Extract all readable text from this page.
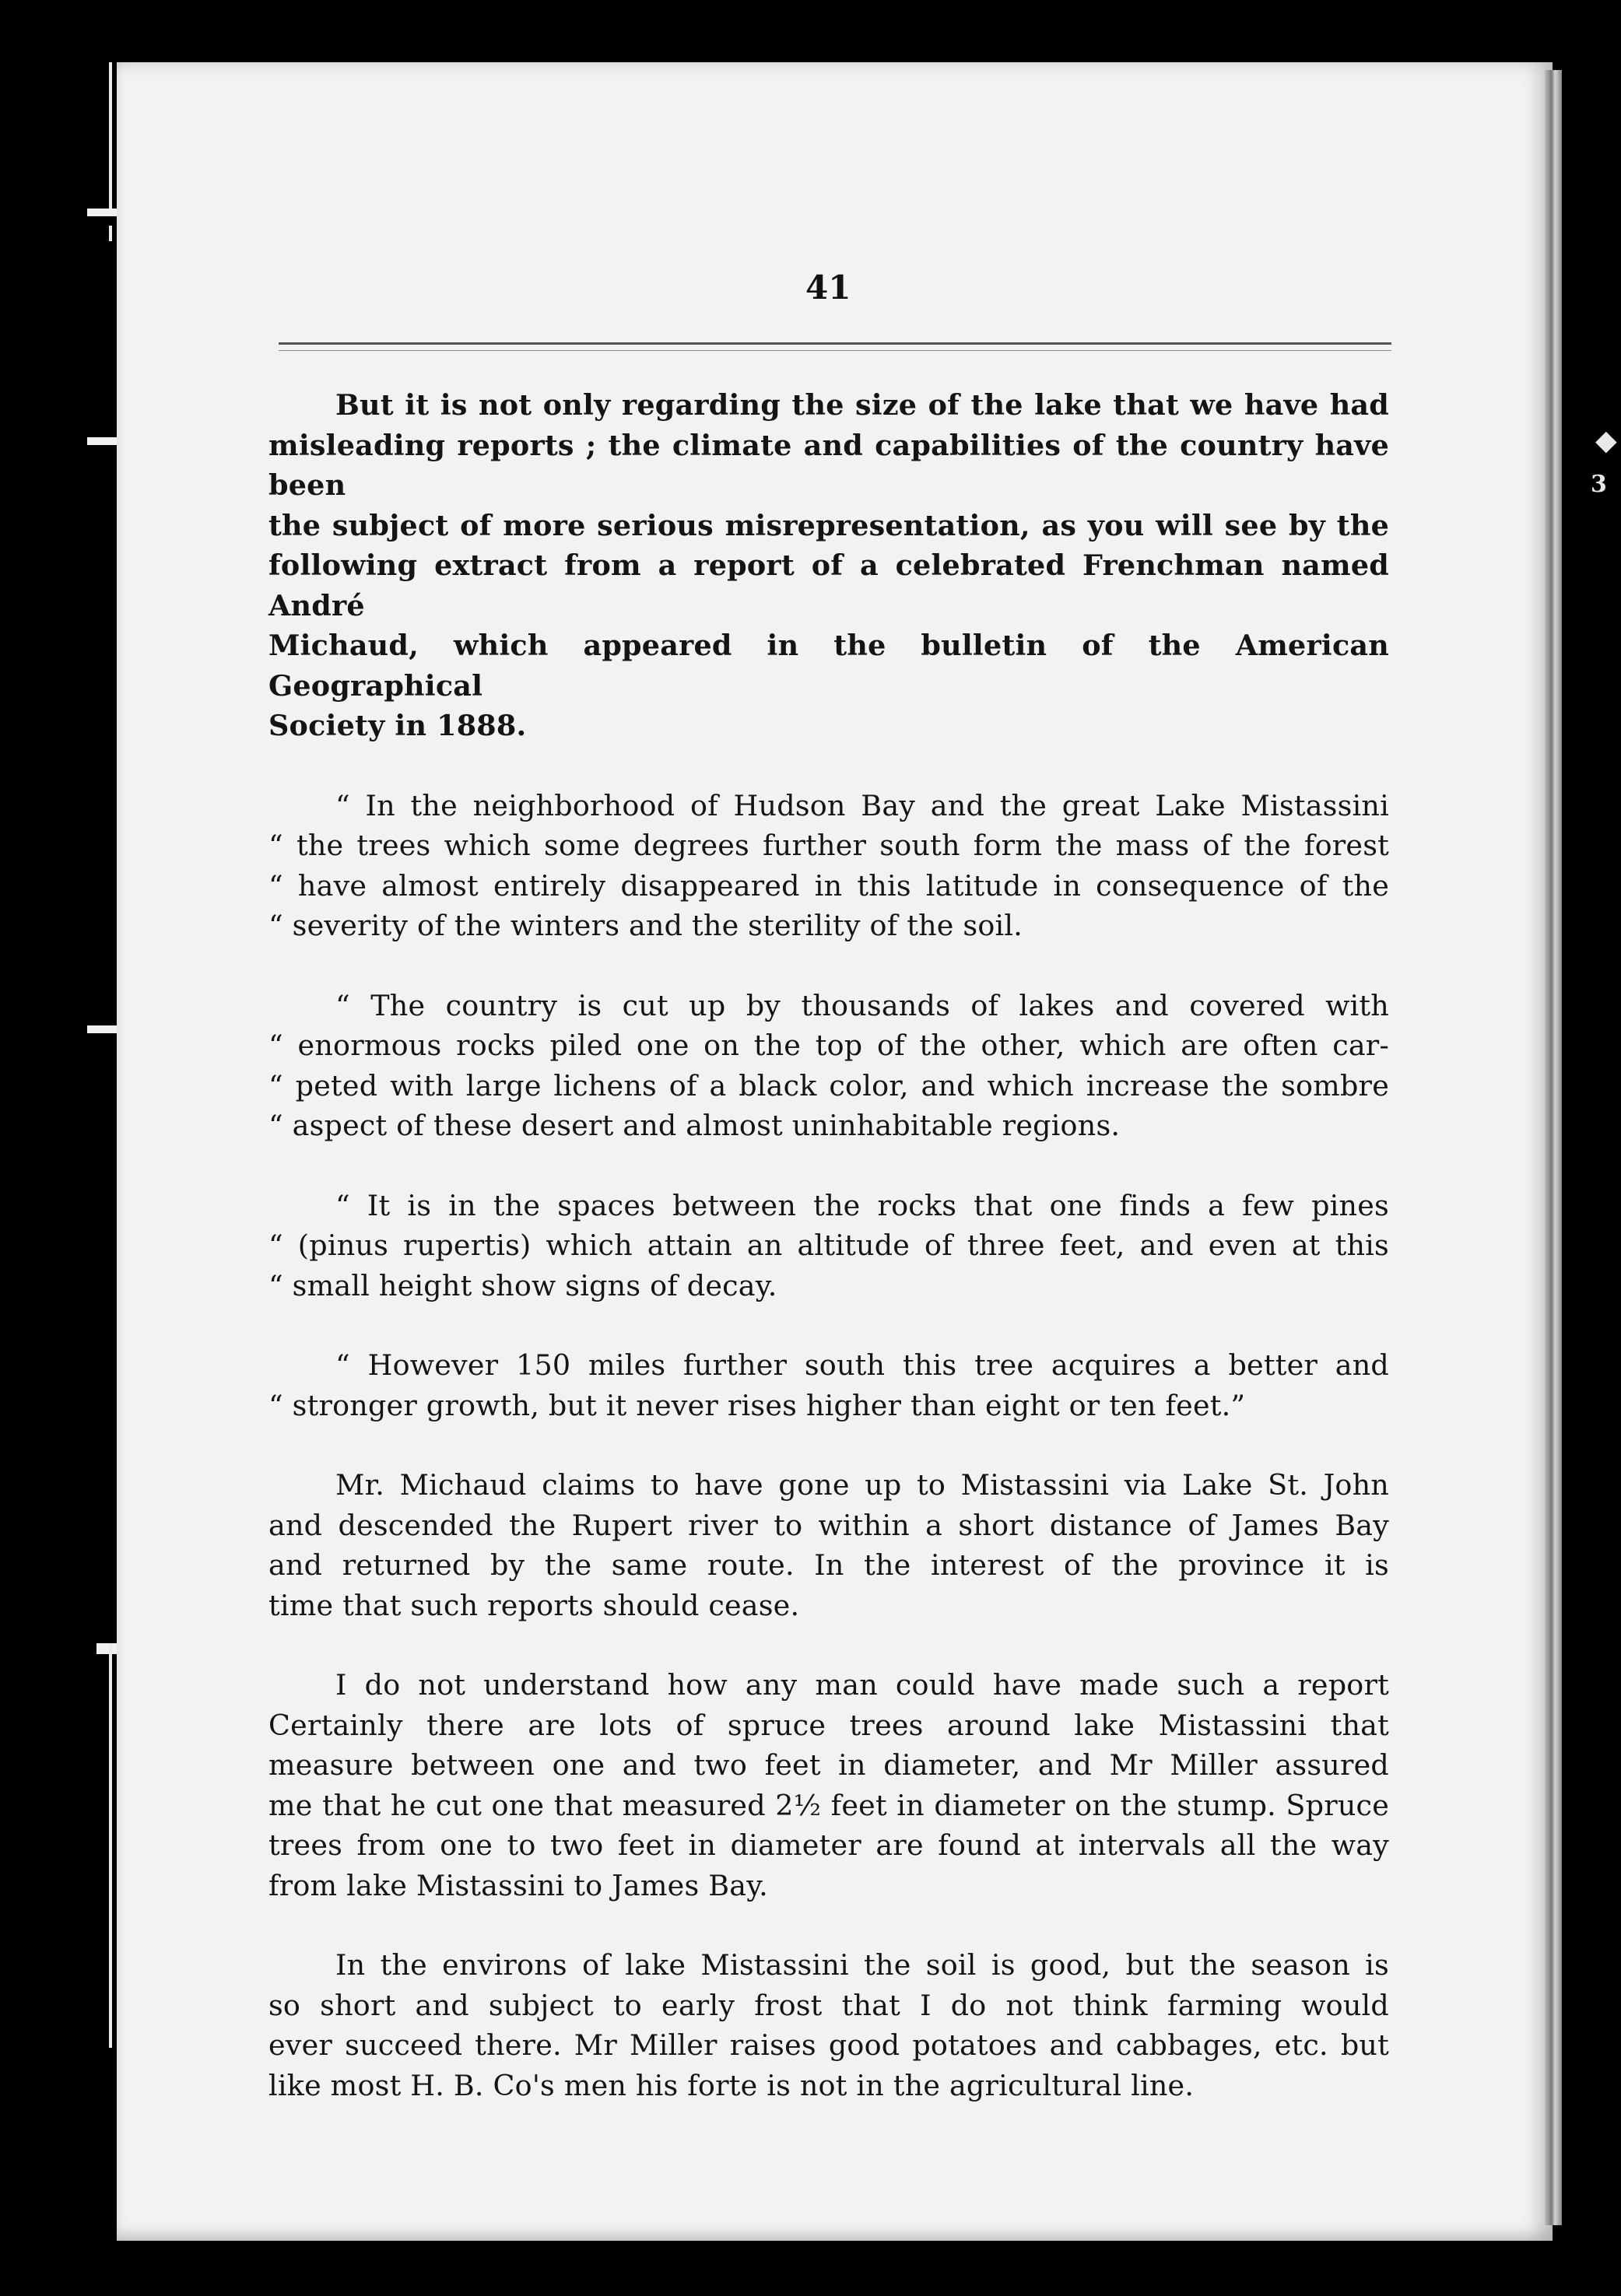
◆
3
41
But it is not only regarding the size of the lake that we have had
misleading reports ; the climate and capabilities of the country have been
the subject of more serious misrepresentation, as you will see by the
following extract from a report of a celebrated Frenchman named André
Michaud, which appeared in the bulletin of the American Geographical
Society in 1888.
“ In the neighborhood of Hudson Bay and the great Lake Mistassini
“ the trees which some degrees further south form the mass of the forest
“ have almost entirely disappeared in this latitude in consequence of the
“ severity of the winters and the sterility of the soil.
“ The country is cut up by thousands of lakes and covered with
“ enormous rocks piled one on the top of the other, which are often car-
“ peted with large lichens of a black color, and which increase the sombre
“ aspect of these desert and almost uninhabitable regions.
“ It is in the spaces between the rocks that one finds a few pines
“ (pinus rupertis) which attain an altitude of three feet, and even at this
“ small height show signs of decay.
“ However 150 miles further south this tree acquires a better and
“ stronger growth, but it never rises higher than eight or ten feet.”
Mr. Michaud claims to have gone up to Mistassini via Lake St. John
and descended the Rupert river to within a short distance of James Bay
and returned by the same route. In the interest of the province it is
time that such reports should cease.
I do not understand how any man could have made such a report
Certainly there are lots of spruce trees around lake Mistassini that
measure between one and two feet in diameter, and Mr Miller assured
me that he cut one that measured 2½ feet in diameter on the stump. Spruce
trees from one to two feet in diameter are found at intervals all the way
from lake Mistassini to James Bay.
In the environs of lake Mistassini the soil is good, but the season is
so short and subject to early frost that I do not think farming would
ever succeed there. Mr Miller raises good potatoes and cabbages, etc. but
like most H. B. Co's men his forte is not in the agricultural line.
